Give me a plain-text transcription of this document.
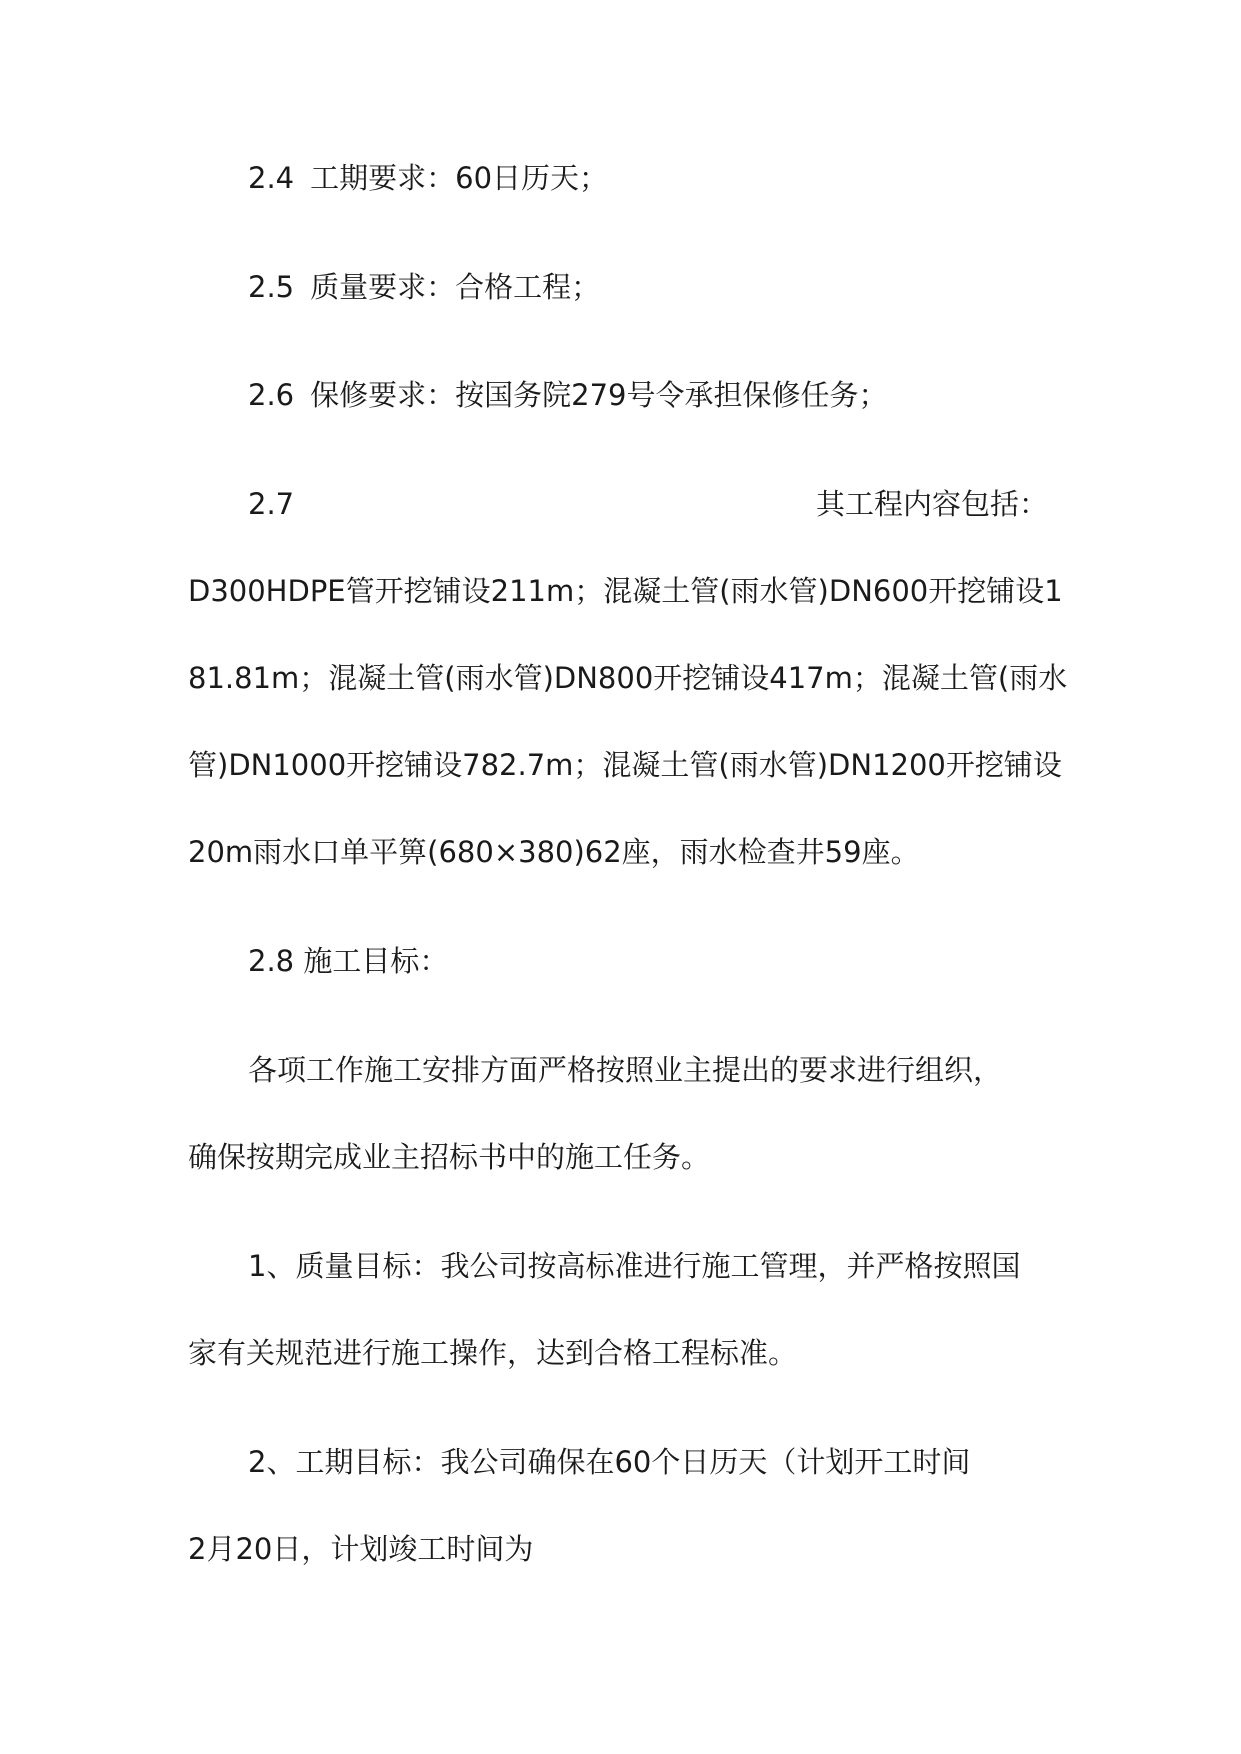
2.4 工期要求：60日历天；
2.5 质量要求：合格工程；
2.6 保修要求：按国务院279号令承担保修任务；
2.7	其工程内容包括：
D300HDPE管开挖铺设211m；混凝土管(雨水管)DN600开挖铺设1
81.81m；混凝土管(雨水管)DN800开挖铺设417m；混凝土管(雨水
管)DN1000开挖铺设782.7m；混凝土管(雨水管)DN1200开挖铺设
20m雨水口单平箅(680×380)62座，雨水检查井59座。
2.8 施工目标：
各项工作施工安排方面严格按照业主提出的要求进行组织，
确保按期完成业主招标书中的施工任务。
1、质量目标：我公司按高标准进行施工管理，并严格按照国
家有关规范进行施工操作，达到合格工程标准。
2、工期目标：我公司确保在60个日历天（计划开工时间
2月20日，计划竣工时间为
